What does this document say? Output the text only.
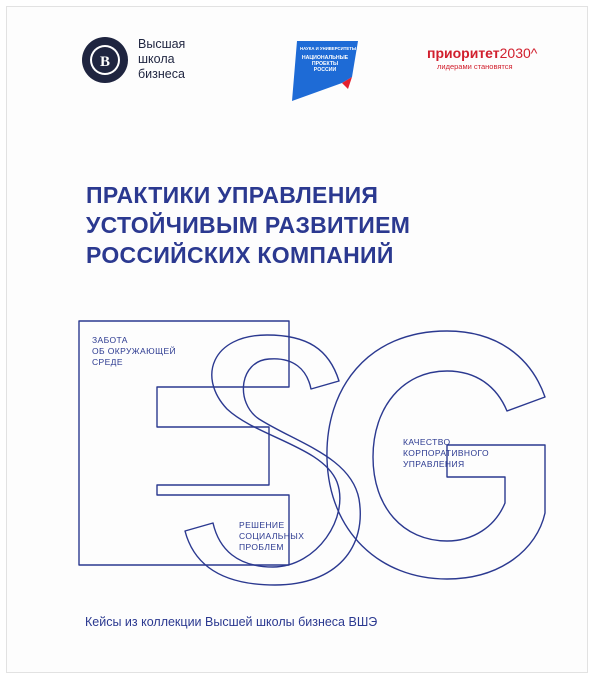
В
Высшая
школа
бизнеса
НАУКА И УНИВЕРСИТЕТЫ
НАЦИОНАЛЬНЫЕ
ПРОЕКТЫ
РОССИИ
приоритет2030^
лидерами становятся
ПРАКТИКИ УПРАВЛЕНИЯ
УСТОЙЧИВЫМ РАЗВИТИЕМ
РОССИЙСКИХ КОМПАНИЙ
ЗАБОТА
ОБ ОКРУЖАЮЩЕЙ
СРЕДЕ
РЕШЕНИЕ
СОЦИАЛЬНЫХ
ПРОБЛЕМ
КАЧЕСТВО
КОРПОРАТИВНОГО
УПРАВЛЕНИЯ
Кейсы из коллекции Высшей школы бизнеса ВШЭ
